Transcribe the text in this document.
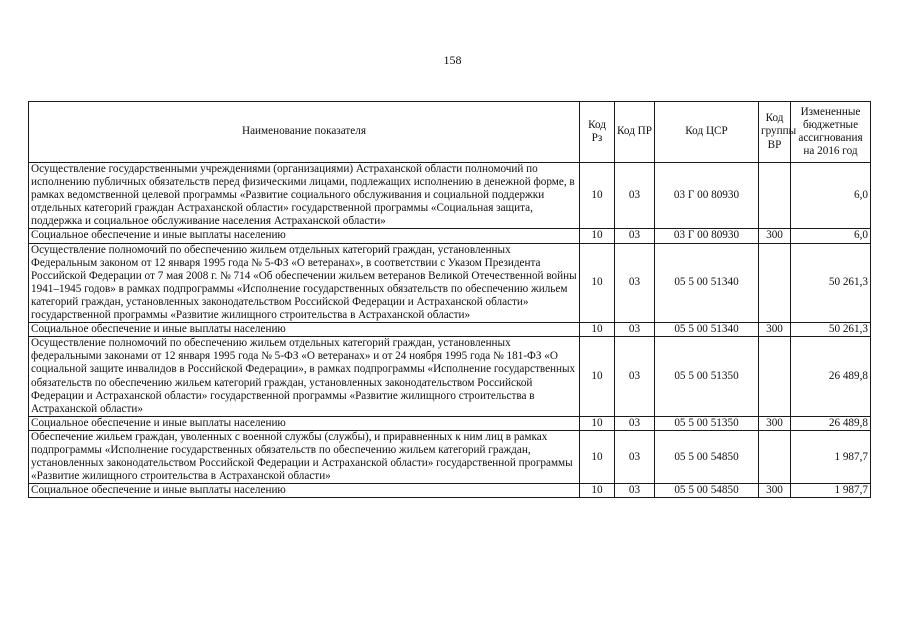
158
Наименование показателя	Код Рз	Код ПР	Код ЦСР	Код группы ВР	Измененные бюджетные ассигнования на 2016 год
Осуществление государственными учреждениями (организациями) Астраханской области полномочий по исполнению публичных обязательств перед физическими лицами, подлежащих исполнению в денежной форме, в рамках ведомственной целевой программы «Развитие социального обслуживания и социальной поддержки отдельных категорий граждан Астраханской области» государственной программы «Социальная защита, поддержка и социальное обслуживание населения Астраханской области»	10	03	03 Г 00 80930		6,0
Социальное обеспечение и иные выплаты населению	10	03	03 Г 00 80930	300	6,0
Осуществление полномочий по обеспечению жильем отдельных категорий граждан, установленных Федеральным законом от 12 января 1995 года № 5-ФЗ «О ветеранах», в соответствии с Указом Президента Российской Федерации от 7 мая 2008 г. № 714 «Об обеспечении жильем ветеранов Великой Отечественной войны 1941–1945 годов» в рамках подпрограммы «Исполнение государственных обязательств по обеспечению жильем категорий граждан, установленных законодательством Российской Федерации и Астраханской области» государственной программы «Развитие жилищного строительства в Астраханской области»	10	03	05 5 00 51340		50 261,3
Социальное обеспечение и иные выплаты населению	10	03	05 5 00 51340	300	50 261,3
Осуществление полномочий по обеспечению жильем отдельных категорий граждан, установленных федеральными законами от 12 января 1995 года № 5-ФЗ «О ветеранах» и от 24 ноября 1995 года № 181-ФЗ «О социальной защите инвалидов в Российской Федерации», в рамках подпрограммы «Исполнение государственных обязательств по обеспечению жильем категорий граждан, установленных законодательством Российской Федерации и Астраханской области» государственной программы «Развитие жилищного строительства в Астраханской области»	10	03	05 5 00 51350		26 489,8
Социальное обеспечение и иные выплаты населению	10	03	05 5 00 51350	300	26 489,8
Обеспечение жильем граждан, уволенных с военной службы (службы), и приравненных к ним лиц в рамках подпрограммы «Исполнение государственных обязательств по обеспечению жильем категорий граждан, установленных законодательством Российской Федерации и Астраханской области» государственной программы «Развитие жилищного строительства в Астраханской области»	10	03	05 5 00 54850		1 987,7
Социальное обеспечение и иные выплаты населению	10	03	05 5 00 54850	300	1 987,7
